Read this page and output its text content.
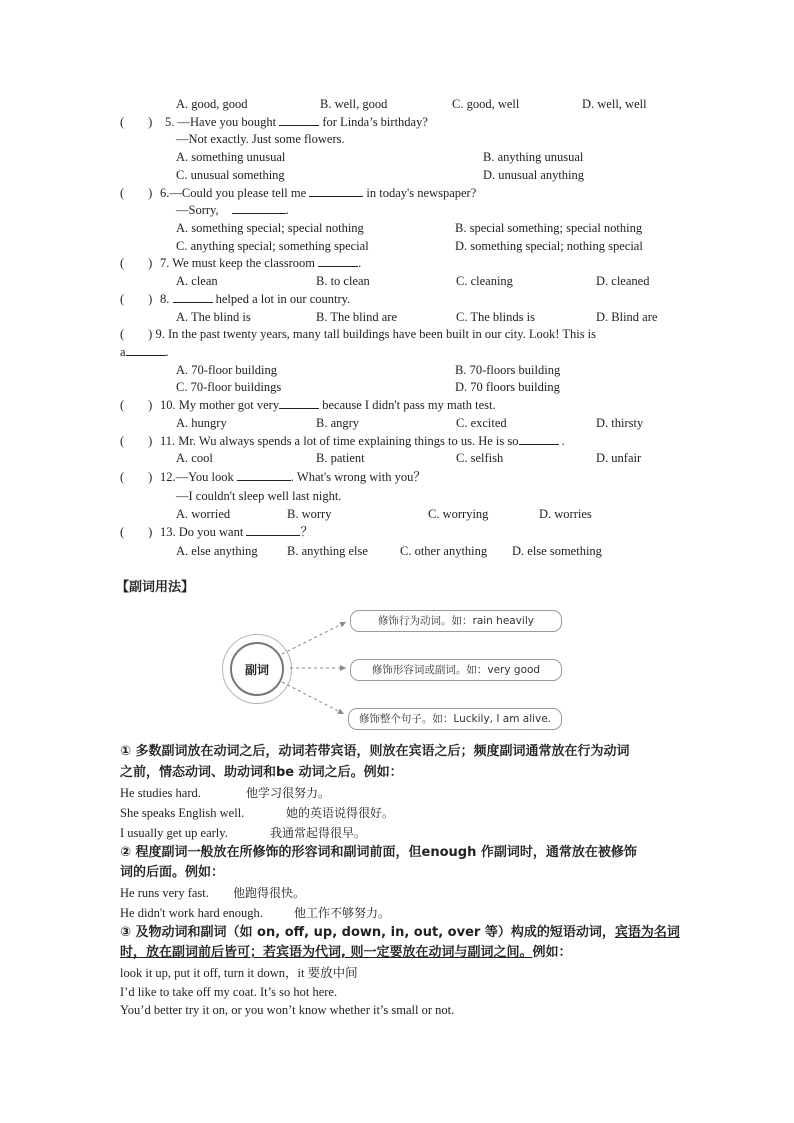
A. good, good	B. well, good	C. good, well	D. well, well
( ) 5. —Have you bought	for Linda’s birthday?
—Not exactly. Just some flowers.
A. something unusual	B. anything unusual
C. unusual something	D. unusual anything
( ) 6.—Could you please tell me	in today's newspaper?
—Sorry,	.
A. something special; special nothing	B. special something; special nothing
C. anything special; something special	D. something special; nothing special
( ) 7. We must keep the classroom	.
A. clean	B. to clean	C. cleaning	D. cleaned
( ) 8.	helped a lot in our country.
A. The blind is	B. The blind are	C. The blinds is	D. Blind are
( ) 9. In the past twenty years, many tall buildings have been built in our city. Look! This is
a	.
A. 70-floor building	B. 70-floors building
C. 70-floor buildings	D. 70 floors building
( ) 10. My mother got very	because I didn't pass my math test.
A. hungry	B. angry	C. excited	D. thirsty
( ) 11. Mr. Wu always spends a lot of time explaining things to us. He is so	.
A. cool	B. patient	C. selfish	D. unfair
( ) 12.—You look	. What's wrong with you？
—I couldn't sleep well last night.
A. worried	B. worry	C. worrying	D. worries
( ) 13. Do you want	？
A. else anything B. anything else	C. other anything D. else something
【副词用法】
副词
修饰行为动词。如：rain heavily
修饰形容词或副词。如：very good
修饰整个句子。如：Luckily, I am alive.
① 多数副词放在动词之后，动词若带宾语，则放在宾语之后；频度副词通常放在行为动词
之前，情态动词、助动词和be 动词之后。例如：
He studies hard.	他学习很努力。
She speaks English well.	她的英语说得很好。
I usually get up early.	我通常起得很早。
② 程度副词一般放在所修饰的形容词和副词前面，但enough 作副词时，通常放在被修饰
词的后面。例如：
He runs very fast. 他跑得很快。
He didn't work hard enough.	他工作不够努力。
③ 及物动词和副词（如 on, off, up, down, in, out, over 等）构成的短语动词，宾语为名词
时，放在副词前后皆可；若宾语为代词, 则一定要放在动词与副词之间。例如：
look it up, put it off, turn it down，it 要放中间
I’d like to take off my coat. It’s so hot here.
You’d better try it on, or you won’t know whether it’s small or not.
